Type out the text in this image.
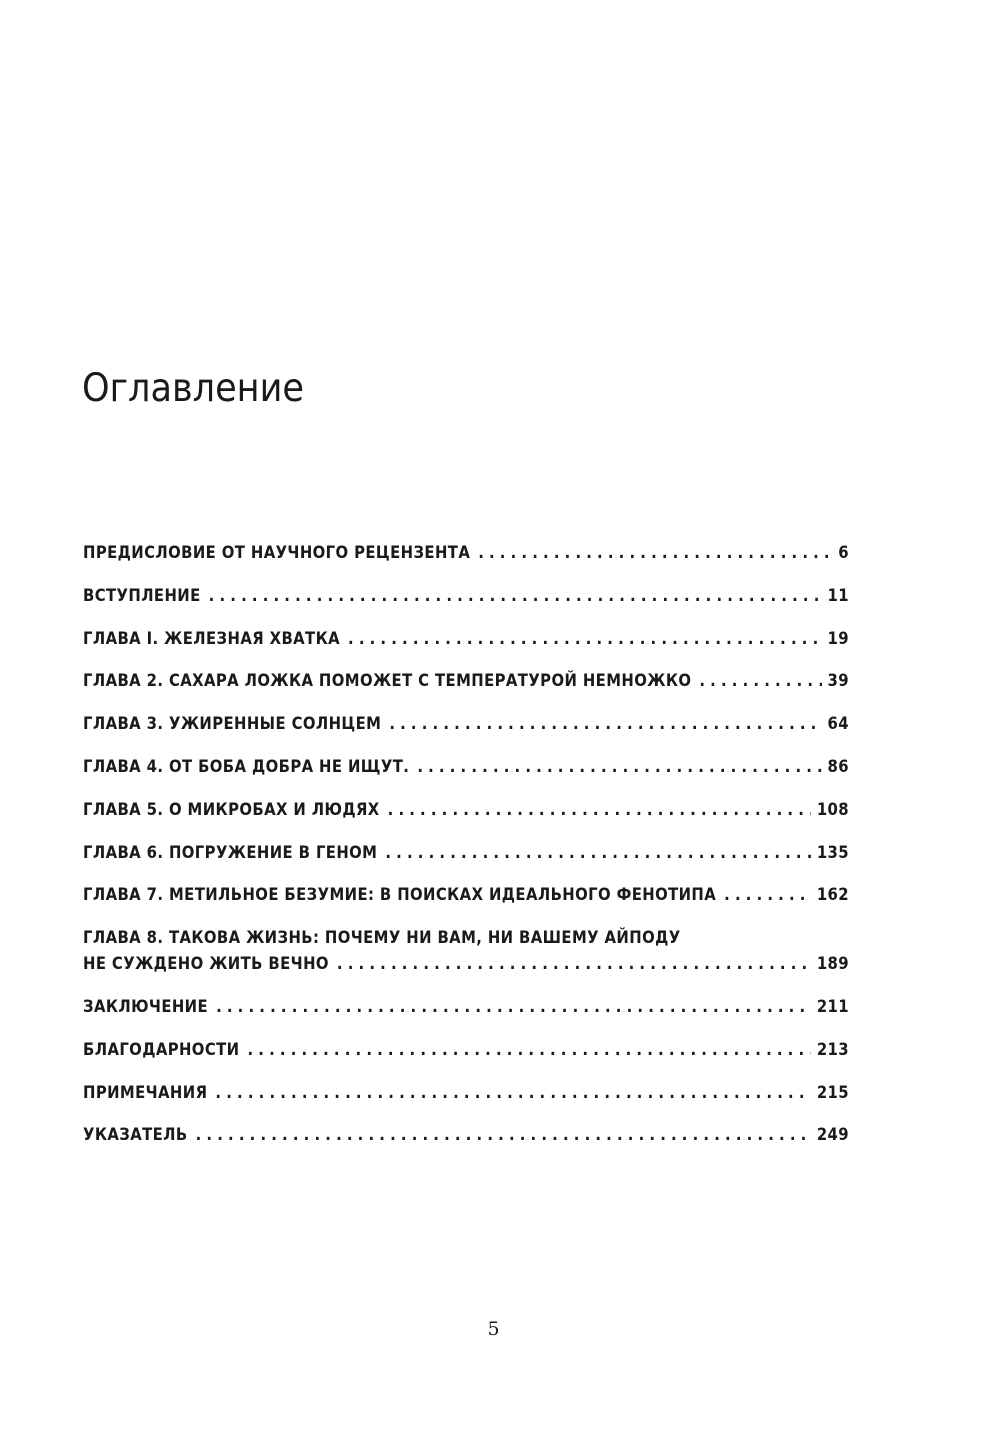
Оглавление
ПРЕДИСЛОВИЕ ОТ НАУЧНОГО РЕЦЕНЗЕНТА . . .	6
ВСТУПЛЕНИЕ . . .	11
ГЛАВА I. ЖЕЛЕЗНАЯ ХВАТКА . . .	19
ГЛАВА 2. САХАРА ЛОЖКА ПОМОЖЕТ С ТЕМПЕРАТУРОЙ НЕМНОЖКО . . .	39
ГЛАВА 3. УЖИРЕННЫЕ СОЛНЦЕМ . . .	64
ГЛАВА 4. ОТ БОБА ДОБРА НЕ ИЩУТ. . . .	86
ГЛАВА 5. О МИКРОБАХ И ЛЮДЯХ . . .	108
ГЛАВА 6. ПОГРУЖЕНИЕ В ГЕНОМ . . .	135
ГЛАВА 7. МЕТИЛЬНОЕ БЕЗУМИЕ: В ПОИСКАХ ИДЕАЛЬНОГО ФЕНОТИПА . . .	162
ГЛАВА 8. ТАКОВА ЖИЗНЬ: ПОЧЕМУ НИ ВАМ, НИ ВАШЕМУ АЙПОДУ
НЕ СУЖДЕНО ЖИТЬ ВЕЧНО . . .	189
ЗАКЛЮЧЕНИЕ . . .	211
БЛАГОДАРНОСТИ . . .	213
ПРИМЕЧАНИЯ . . .	215
УКАЗАТЕЛЬ . . .	249
5
